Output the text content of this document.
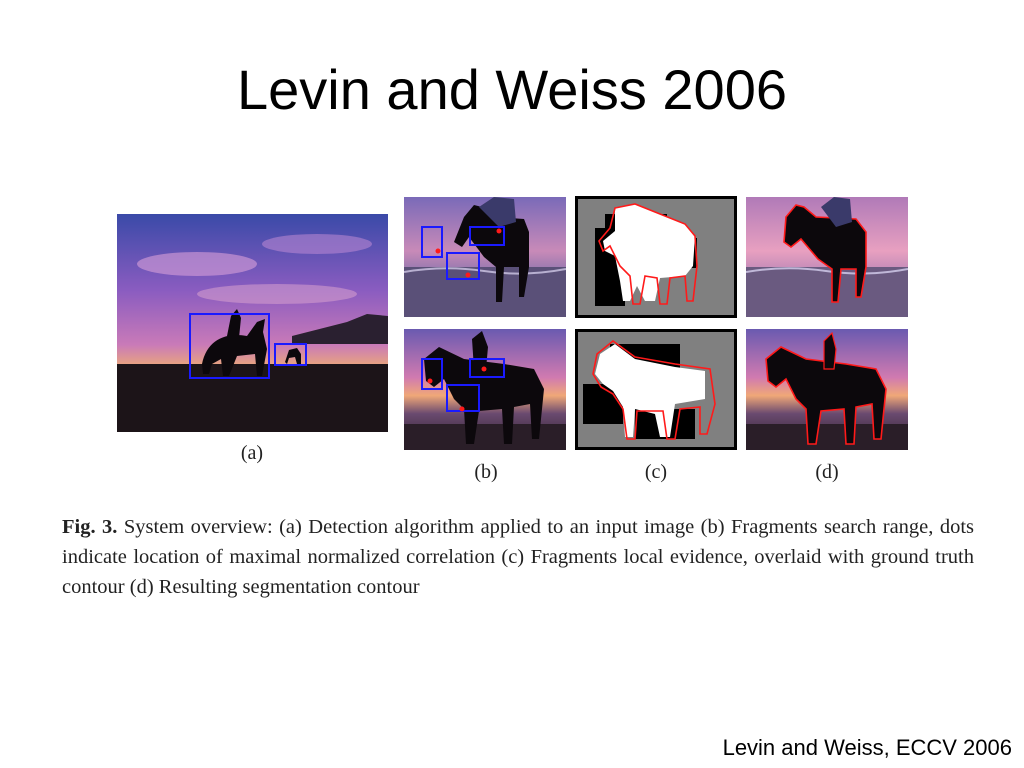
Levin and Weiss 2006
(a)
(b)	(c)	(d)
Fig. 3. System overview: (a) Detection algorithm applied to an input image (b) Fragments search range, dots indicate location of maximal normalized correlation (c) Fragments local evidence, overlaid with ground truth contour (d) Resulting segmentation contour
Levin and Weiss, ECCV 2006
